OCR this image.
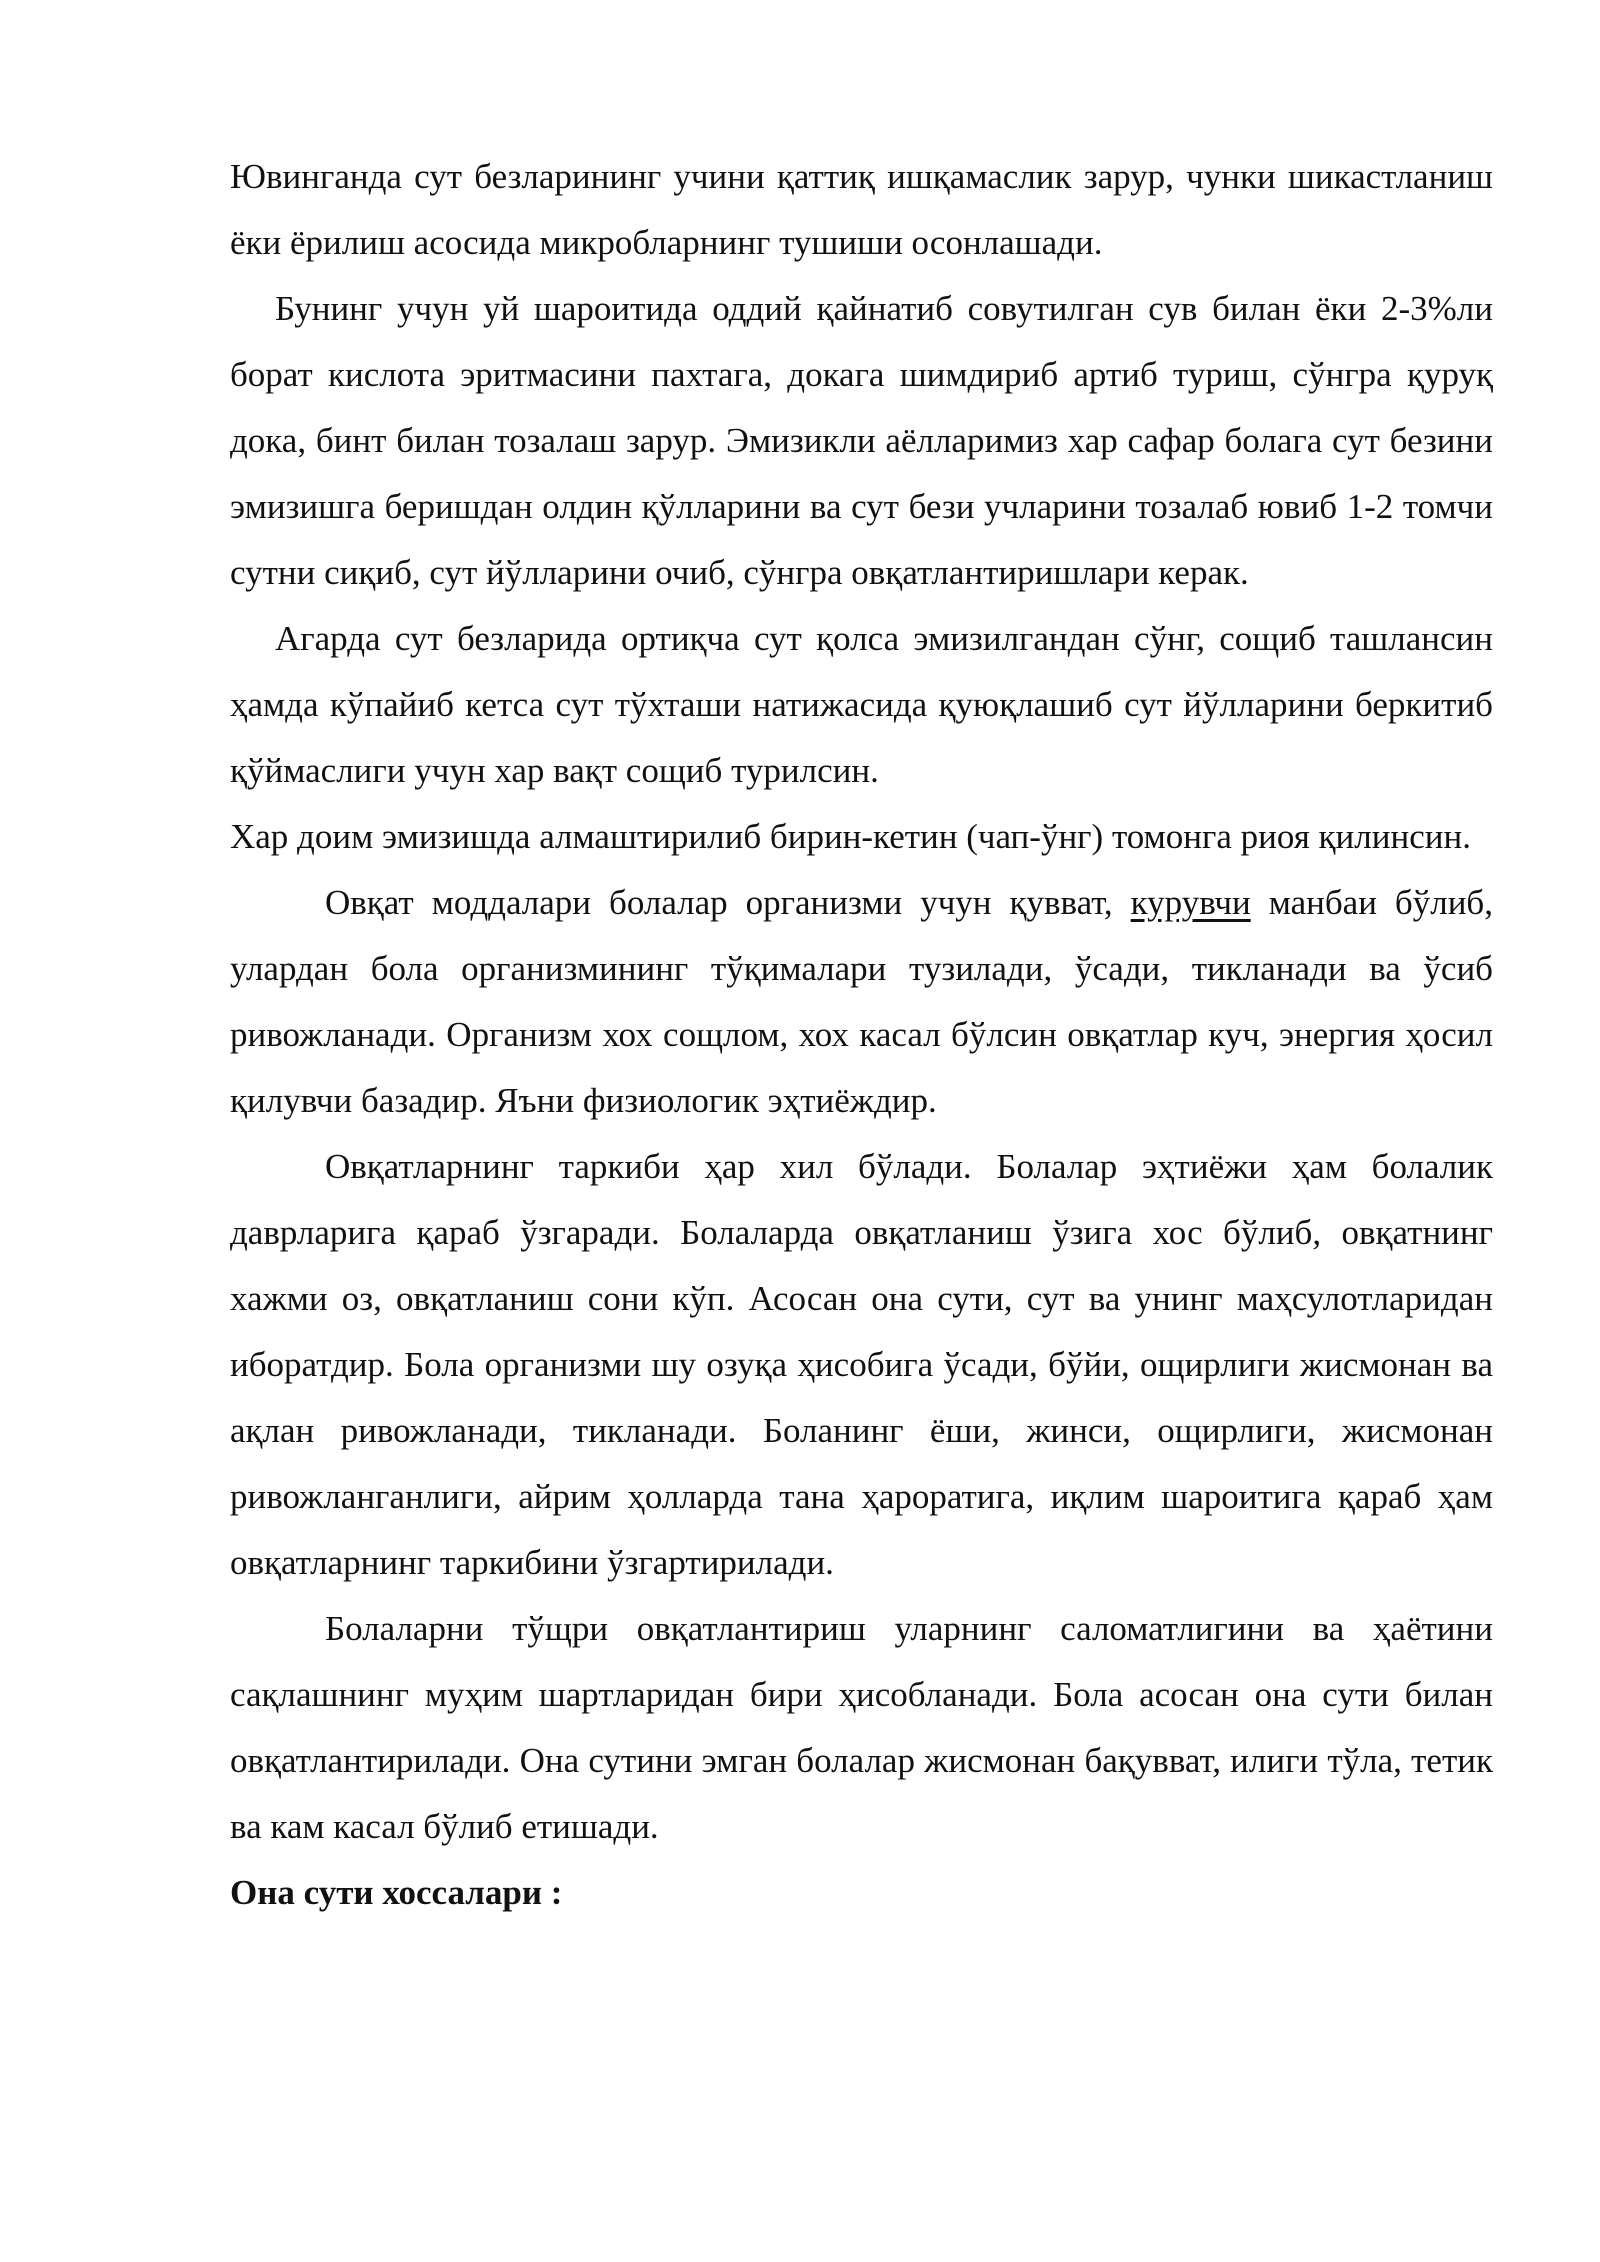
Ювинганда сут безларининг учини қаттиқ ишқамаслик зарур, чунки шикастланиш ёки ёрилиш асосида микробларнинг тушиши осонлашади.

Бунинг учун уй шароитида оддий қайнатиб совутилган сув билан ёки 2-3%ли борат кислота эритмасини пахтага, докага шимдириб артиб туриш, сўнгра қуруқ дока, бинт билан тозалаш зарур. Эмизикли аёлларимиз хар сафар болага сут безини эмизишга беришдан олдин қўлларини ва сут бези учларини тозалаб ювиб 1-2 томчи сутни сиқиб, сут йўлларини очиб, сўнгра овқатлантиришлари керак.

Агарда сут безларида ортиқча сут қолса эмизилгандан сўнг, сощиб ташлансин ҳамда кўпайиб кетса сут тўхташи натижасида қуюқлашиб сут йўлларини беркитиб қўймаслиги учун хар вақт сощиб турилсин.

Хар доим эмизишда алмаштирилиб бирин-кетин (чап-ўнг) томонга риоя қилинсин.

Овқат моддалари болалар организми учун қувват, курувчи манбаи бўлиб, улардан бола организмининг тўқималари тузилади, ўсади, тикланади ва ўсиб ривожланади. Организм хох сощлом, хох касал бўлсин овқатлар куч, энергия ҳосил қилувчи базадир. Яъни физиологик эҳтиёждир.

Овқатларнинг таркиби ҳар хил бўлади. Болалар эҳтиёжи ҳам болалик даврларига қараб ўзгаради. Болаларда овқатланиш ўзига хос бўлиб, овқатнинг хажми оз, овқатланиш сони кўп. Асосан она сути, сут ва унинг маҳсулотларидан иборатдир. Бола организми шу озуқа ҳисобига ўсади, бўйи, ощирлиги жисмонан ва ақлан ривожланади, тикланади. Боланинг ёши, жинси, ощирлиги, жисмонан ривожланганлиги, айрим ҳолларда тана ҳароратига, иқлим шароитига қараб ҳам овқатларнинг таркибини ўзгартирилади.

Болаларни тўщри овқатлантириш уларнинг саломатлигини ва ҳаётини сақлашнинг муҳим шартларидан бири ҳисобланади. Бола асосан она сути билан овқатлантирилади. Она сутини эмган болалар жисмонан бақувват, илиги тўла, тетик ва кам касал бўлиб етишади.

Она сути хоссалари :
